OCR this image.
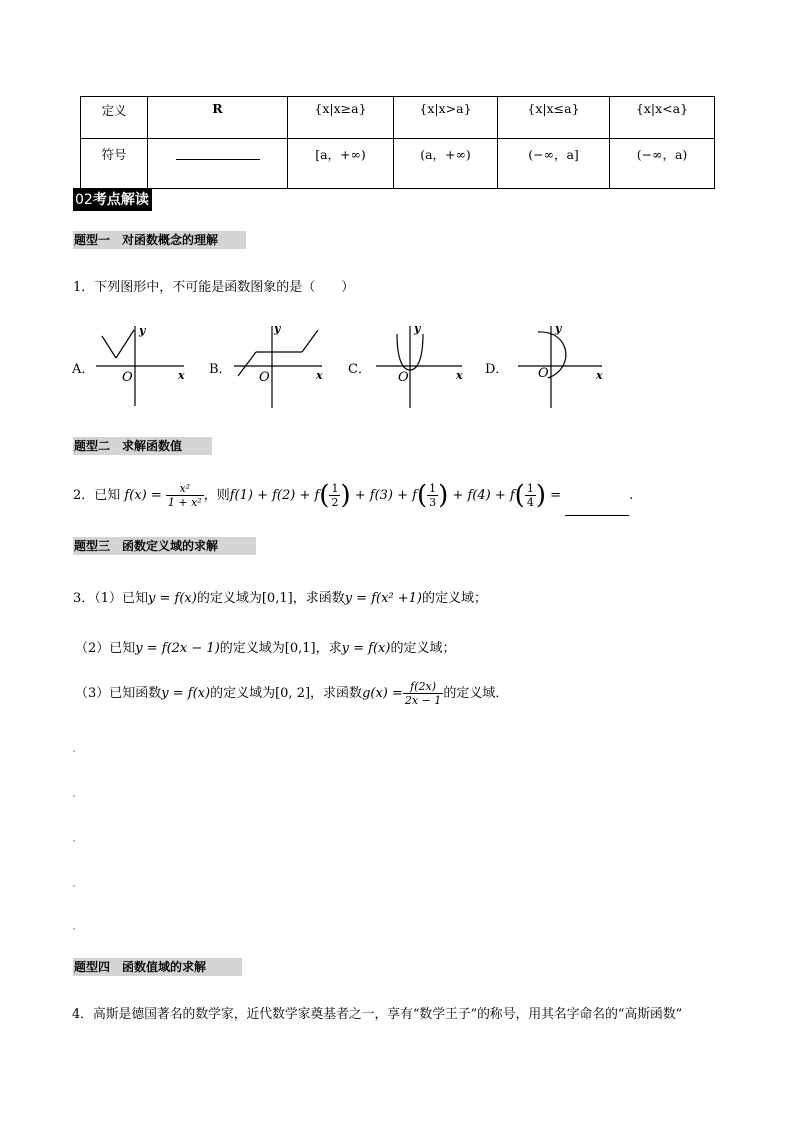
定义	R	{x|x≥a}	{x|x>a}	{x|x≤a}	{x|x<a}
符号		[a，+∞)	(a，+∞)	(−∞，a]	(−∞，a)
02考点解读
题型一　对函数概念的理解
1．下列图形中，不可能是函数图象的是（　　）
A．	B．	C．	D．
y
x
O
y
x
O
y
x
O
y
x
O
题型二　求解函数值
2．已知 $f(x) = \frac{\text{x²}}{\text{1 + x²}}$ ，则$f(1) + f(2) + f( \frac{1}{2}$ ) + $f(3) + f( \frac{1}{3}$ ) + $f(4) + f( \frac{1}{4}$ ) =	.
题型三　函数定义域的求解
3．（1）已知y = f(x)的定义域为[0,1]，求函数y = f(x² +1)的定义域；
（2）已知y = f(2x − 1)的定义域为[0,1]，求y = f(x)的定义域；
（3）已知函数y = f(x)的定义域为[0, 2]，求函数$g(x) = \frac{f(2x)}{2x - 1}$ 的定义域．
题型四　函数值域的求解
4．高斯是德国著名的数学家，近代数学家奠基者之一，享有“数学王子”的称号，用其名字命名的“高斯函数”
